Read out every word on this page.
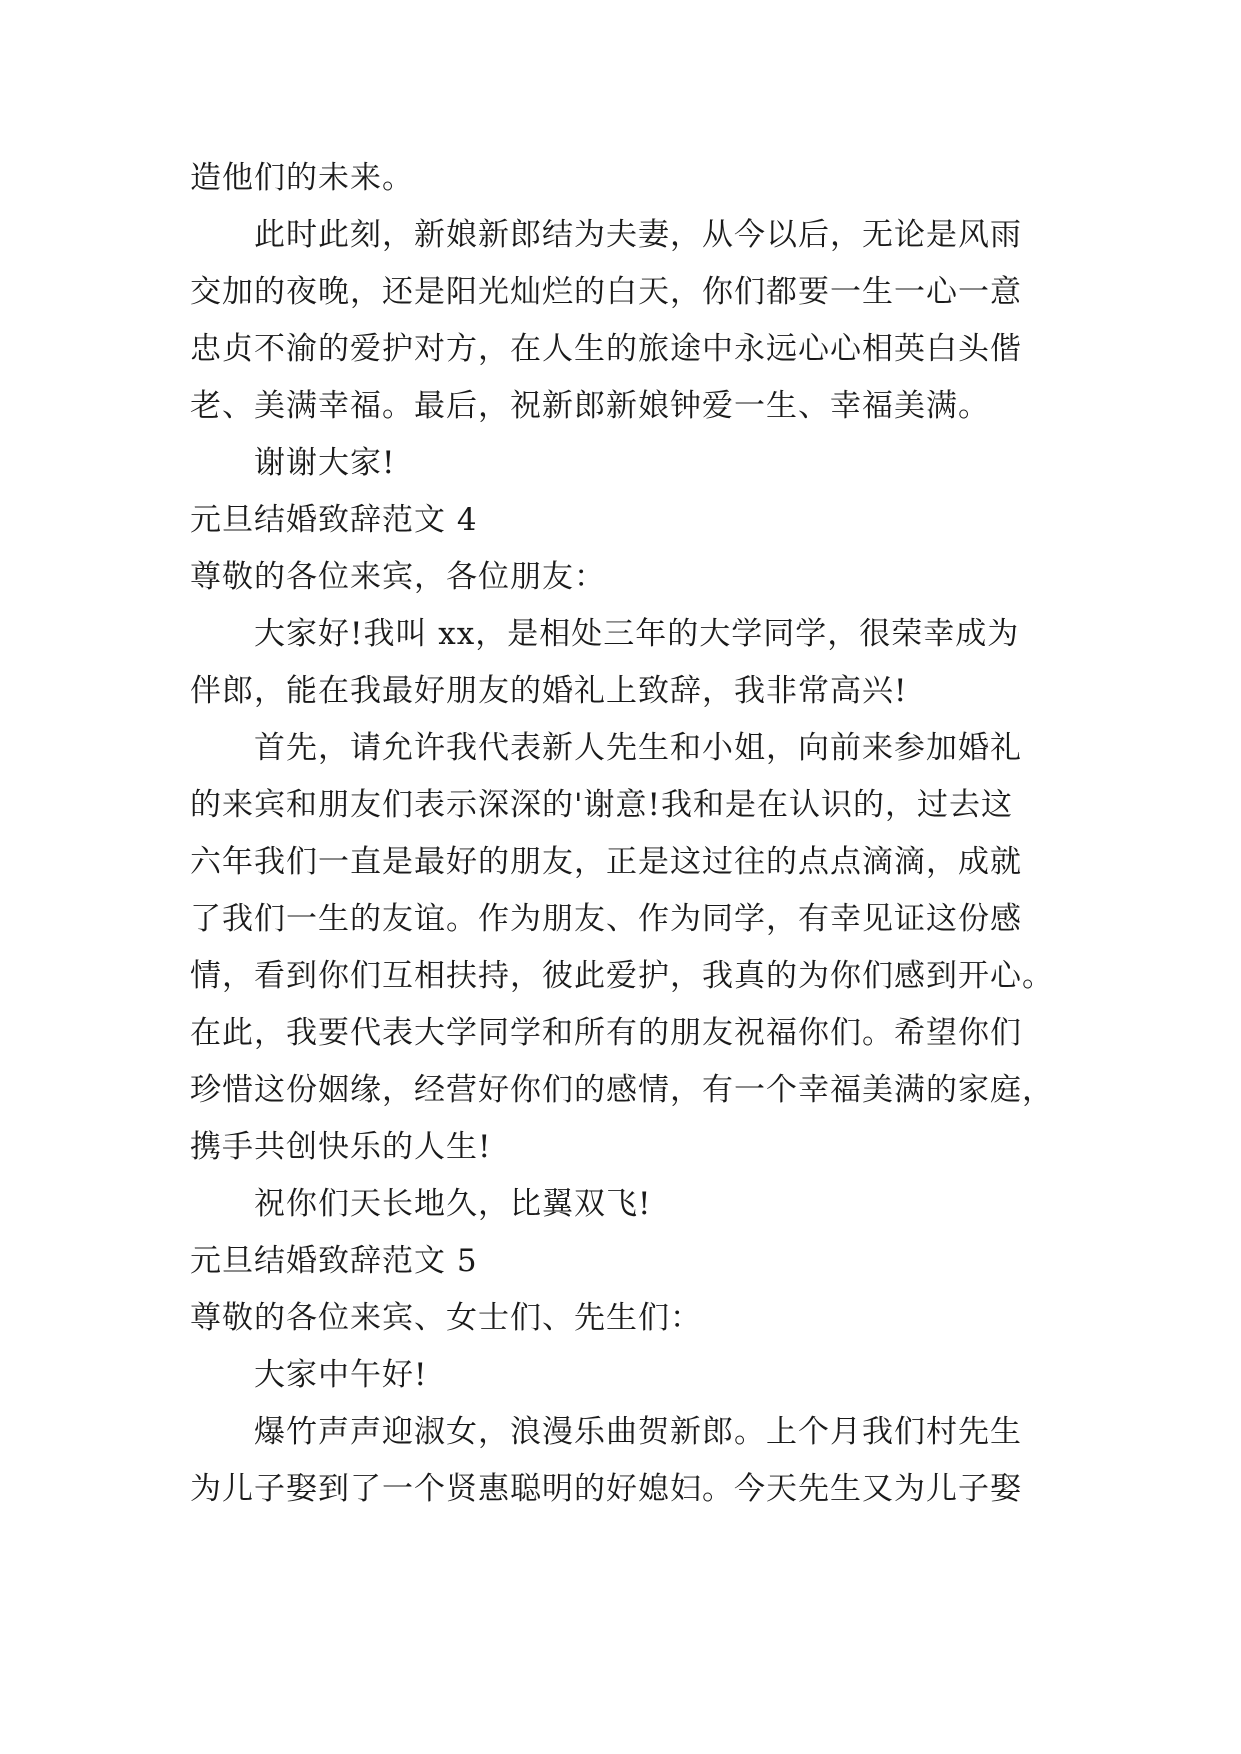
造他们的未来。
此时此刻，新娘新郎结为夫妻，从今以后，无论是风雨
交加的夜晚，还是阳光灿烂的白天，你们都要一生一心一意
忠贞不渝的爱护对方，在人生的旅途中永远心心相英白头偕
老、美满幸福。最后，祝新郎新娘钟爱一生、幸福美满。
谢谢大家!
元旦结婚致辞范文 4
尊敬的各位来宾，各位朋友：
大家好!我叫 xx，是相处三年的大学同学，很荣幸成为
伴郎，能在我最好朋友的婚礼上致辞，我非常高兴!
首先，请允许我代表新人先生和小姐，向前来参加婚礼
的来宾和朋友们表示深深的'谢意!我和是在认识的，过去这
六年我们一直是最好的朋友，正是这过往的点点滴滴，成就
了我们一生的友谊。作为朋友、作为同学，有幸见证这份感
情，看到你们互相扶持，彼此爱护，我真的为你们感到开心。
在此，我要代表大学同学和所有的朋友祝福你们。希望你们
珍惜这份姻缘，经营好你们的感情，有一个幸福美满的家庭，
携手共创快乐的人生!
祝你们天长地久，比翼双飞!
元旦结婚致辞范文 5
尊敬的各位来宾、女士们、先生们：
大家中午好!
爆竹声声迎淑女，浪漫乐曲贺新郎。上个月我们村先生
为儿子娶到了一个贤惠聪明的好媳妇。今天先生又为儿子娶
